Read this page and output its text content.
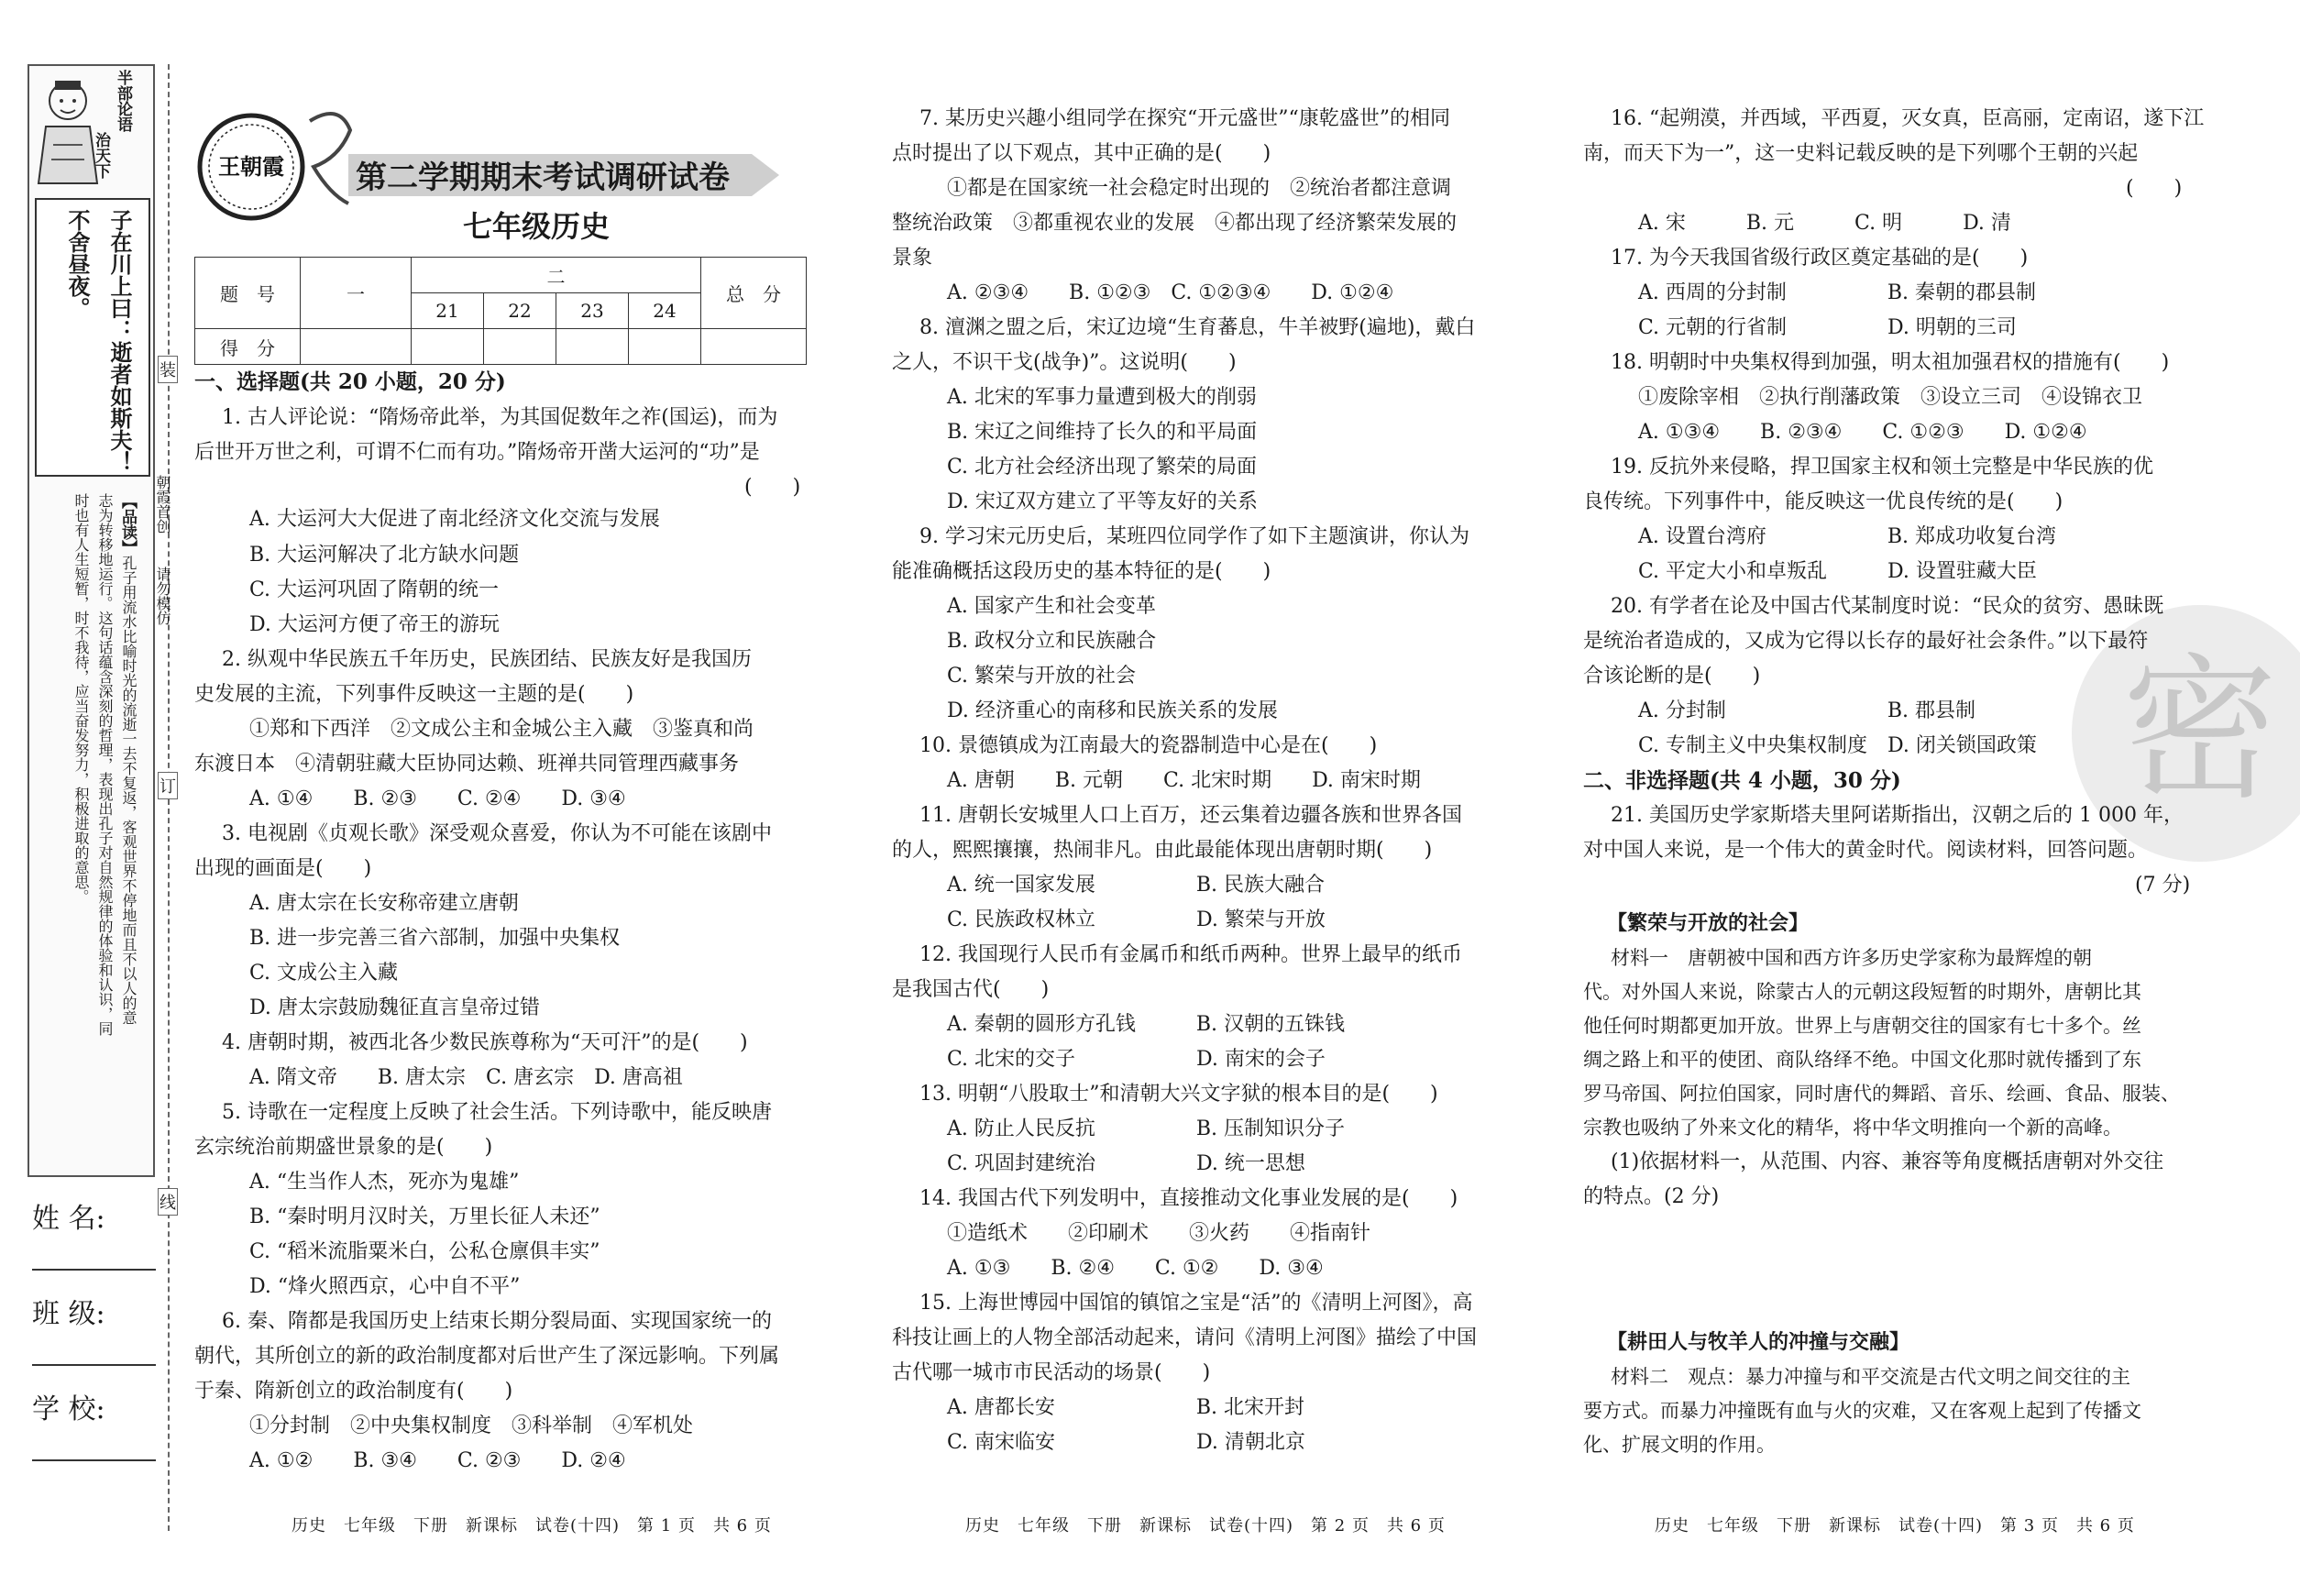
半部论语
治天下
子在川上曰：逝者如斯夫！
不舍昼夜。
【品读】
孔子用流水比喻时光的流逝一去不复返，客观世界不停地而且不以人的意
志为转移地运行。这句话蕴含深刻的哲理，表现出孔子对自然规律的体验和认识，同
时也有人生短暂，时不我待，应当奋发努力，积极进取的意思。
装
订
线
朝霞首创
请勿模仿
姓 名:
班 级:
学 校:
王朝霞 第二学期期末考试调研试卷
七年级历史
题　号	一	二				总　分
		21	22	23	24	
得　分						
一、选择题(共 20 小题，20 分)
1. 古人评论说：“隋炀帝此举，为其国促数年之祚(国运)，而为
后世开万世之利，可谓不仁而有功。”隋炀帝开凿大运河的“功”是
(　　)
A. 大运河大大促进了南北经济文化交流与发展
B. 大运河解决了北方缺水问题
C. 大运河巩固了隋朝的统一
D. 大运河方便了帝王的游玩
2. 纵观中华民族五千年历史，民族团结、民族友好是我国历
史发展的主流，下列事件反映这一主题的是(　　)
①郑和下西洋　②文成公主和金城公主入藏　③鉴真和尚
东渡日本　④清朝驻藏大臣协同达赖、班禅共同管理西藏事务
A. ①④　　B. ②③　　C. ②④　　D. ③④
3. 电视剧《贞观长歌》深受观众喜爱，你认为不可能在该剧中
出现的画面是(　　)
A. 唐太宗在长安称帝建立唐朝
B. 进一步完善三省六部制，加强中央集权
C. 文成公主入藏
D. 唐太宗鼓励魏征直言皇帝过错
4. 唐朝时期，被西北各少数民族尊称为“天可汗”的是(　　)
A. 隋文帝　　B. 唐太宗　C. 唐玄宗　D. 唐高祖
5. 诗歌在一定程度上反映了社会生活。下列诗歌中，能反映唐
玄宗统治前期盛世景象的是(　　)
A. “生当作人杰，死亦为鬼雄”
B. “秦时明月汉时关，万里长征人未还”
C. “稻米流脂粟米白，公私仓廪俱丰实”
D. “烽火照西京，心中自不平”
6. 秦、隋都是我国历史上结束长期分裂局面、实现国家统一的
朝代，其所创立的新的政治制度都对后世产生了深远影响。下列属
于秦、隋新创立的政治制度有(　　)
①分封制　②中央集权制度　③科举制　④军机处
A. ①②　　B. ③④　　C. ②③　　D. ②④
历史　七年级　下册　新课标　试卷(十四)　第 1 页　共 6 页
7. 某历史兴趣小组同学在探究“开元盛世”“康乾盛世”的相同
点时提出了以下观点，其中正确的是(　　)
①都是在国家统一社会稳定时出现的　②统治者都注意调
整统治政策　③都重视农业的发展　④都出现了经济繁荣发展的
景象
A. ②③④　　B. ①②③　C. ①②③④　　D. ①②④
8. 澶渊之盟之后，宋辽边境“生育蕃息，牛羊被野(遍地)，戴白
之人，不识干戈(战争)”。这说明(　　)
A. 北宋的军事力量遭到极大的削弱
B. 宋辽之间维持了长久的和平局面
C. 北方社会经济出现了繁荣的局面
D. 宋辽双方建立了平等友好的关系
9. 学习宋元历史后，某班四位同学作了如下主题演讲，你认为
能准确概括这段历史的基本特征的是(　　)
A. 国家产生和社会变革
B. 政权分立和民族融合
C. 繁荣与开放的社会
D. 经济重心的南移和民族关系的发展
10. 景德镇成为江南最大的瓷器制造中心是在(　　)
A. 唐朝　　B. 元朝　　C. 北宋时期　　D. 南宋时期
11. 唐朝长安城里人口上百万，还云集着边疆各族和世界各国
的人，熙熙攘攘，热闹非凡。由此最能体现出唐朝时期(　　)
A. 统一国家发展　　　　　B. 民族大融合
C. 民族政权林立　　　　　D. 繁荣与开放
12. 我国现行人民币有金属币和纸币两种。世界上最早的纸币
是我国古代(　　)
A. 秦朝的圆形方孔钱　　　B. 汉朝的五铢钱
C. 北宋的交子　　　　　　D. 南宋的会子
13. 明朝“八股取士”和清朝大兴文字狱的根本目的是(　　)
A. 防止人民反抗　　　　　B. 压制知识分子
C. 巩固封建统治　　　　　D. 统一思想
14. 我国古代下列发明中，直接推动文化事业发展的是(　　)
①造纸术　　②印刷术　　③火药　　④指南针
A. ①③　　B. ②④　　C. ①②　　D. ③④
15. 上海世博园中国馆的镇馆之宝是“活”的《清明上河图》，高
科技让画上的人物全部活动起来，请问《清明上河图》描绘了中国
古代哪一城市市民活动的场景(　　)
A. 唐都长安　　　　　　　B. 北宋开封
C. 南宋临安　　　　　　　D. 清朝北京
历史　七年级　下册　新课标　试卷(十四)　第 2 页　共 6 页
密
16. “起朔漠，并西域，平西夏，灭女真，臣高丽，定南诏，遂下江
南，而天下为一”，这一史料记载反映的是下列哪个王朝的兴起
(　　)
A. 宋　　　B. 元　　　C. 明　　　D. 清
17. 为今天我国省级行政区奠定基础的是(　　)
A. 西周的分封制　　　　　B. 秦朝的郡县制
C. 元朝的行省制　　　　　D. 明朝的三司
18. 明朝时中央集权得到加强，明太祖加强君权的措施有(　　)
①废除宰相　②执行削藩政策　③设立三司　④设锦衣卫
A. ①③④　　B. ②③④　　C. ①②③　　D. ①②④
19. 反抗外来侵略，捍卫国家主权和领土完整是中华民族的优
良传统。下列事件中，能反映这一优良传统的是(　　)
A. 设置台湾府　　　　　　B. 郑成功收复台湾
C. 平定大小和卓叛乱　　　D. 设置驻藏大臣
20. 有学者在论及中国古代某制度时说：“民众的贫穷、愚昧既
是统治者造成的，又成为它得以长存的最好社会条件。”以下最符
合该论断的是(　　)
A. 分封制　　　　　　　　B. 郡县制
C. 专制主义中央集权制度　D. 闭关锁国政策
二、非选择题(共 4 小题，30 分)
21. 美国历史学家斯塔夫里阿诺斯指出，汉朝之后的 1 000 年，
对中国人来说，是一个伟大的黄金时代。阅读材料，回答问题。
(7 分)
【繁荣与开放的社会】
材料一　唐朝被中国和西方许多历史学家称为最辉煌的朝
代。对外国人来说，除蒙古人的元朝这段短暂的时期外，唐朝比其
他任何时期都更加开放。世界上与唐朝交往的国家有七十多个。丝
绸之路上和平的使团、商队络绎不绝。中国文化那时就传播到了东
罗马帝国、阿拉伯国家，同时唐代的舞蹈、音乐、绘画、食品、服装、
宗教也吸纳了外来文化的精华，将中华文明推向一个新的高峰。
(1)依据材料一，从范围、内容、兼容等角度概括唐朝对外交往
的特点。(2 分)
【耕田人与牧羊人的冲撞与交融】
材料二　观点：暴力冲撞与和平交流是古代文明之间交往的主
要方式。而暴力冲撞既有血与火的灾难，又在客观上起到了传播文
化、扩展文明的作用。
历史　七年级　下册　新课标　试卷(十四)　第 3 页　共 6 页
